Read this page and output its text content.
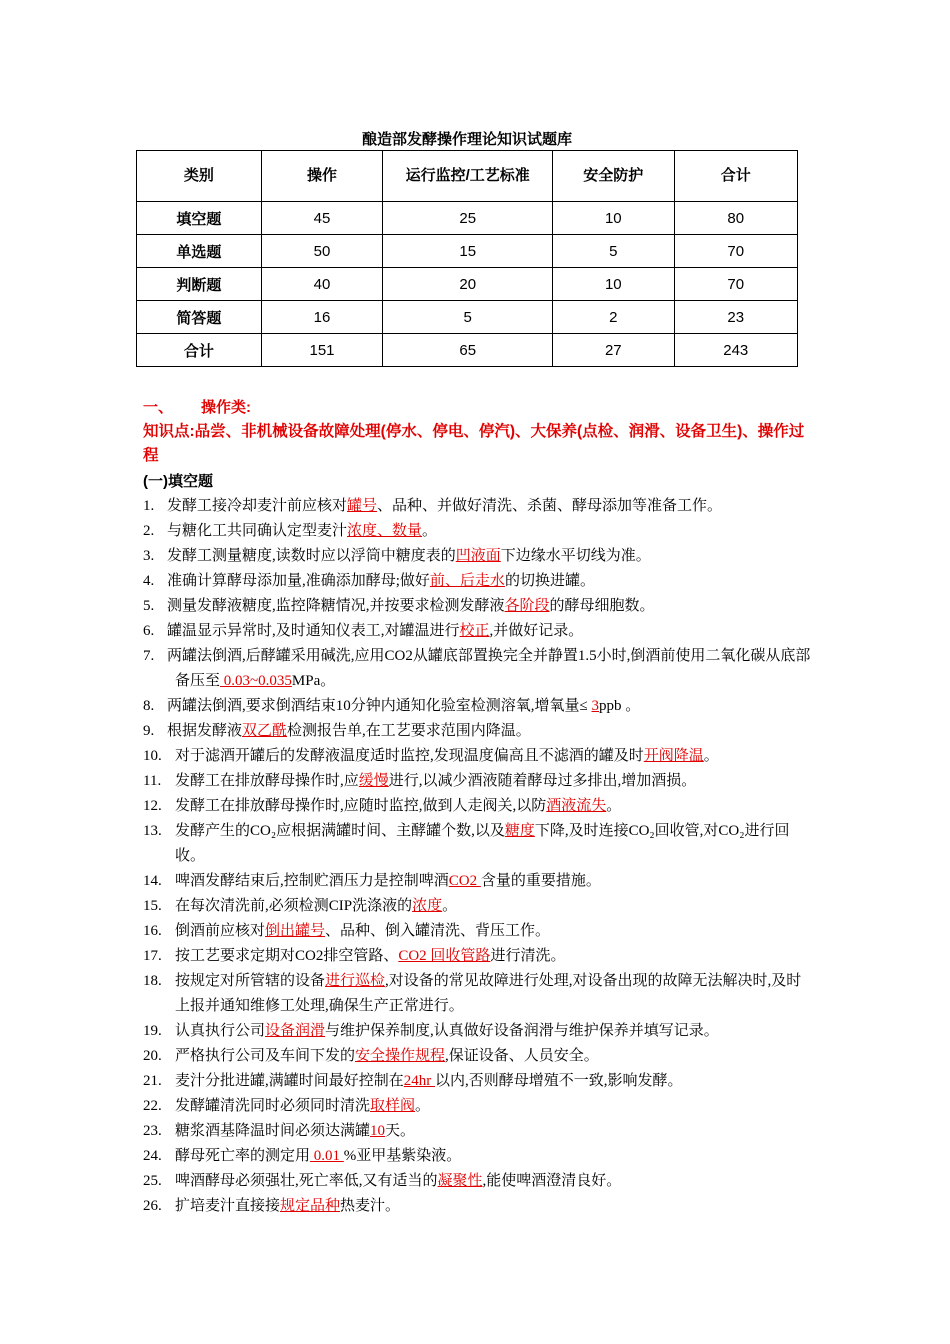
酿造部发酵操作理论知识试题库
类别	操作	运行监控/工艺标准	安全防护	合计
填空题	45	25	10	80
单选题	50	15	5	70
判断题	40	20	10	70
简答题	16	5	2	23
合计	151	65	27	243
一、 操作类:
知识点:品尝、非机械设备故障处理(停水、停电、停汽)、大保养(点检、润滑、设备卫生)、操作过程
(一)填空题
1. 发酵工接冷却麦汁前应核对罐号、品种、并做好清洗、杀菌、酵母添加等准备工作。
2. 与糖化工共同确认定型麦汁浓度、数量。
3. 发酵工测量糖度,读数时应以浮筒中糖度表的凹液面下边缘水平切线为准。
4. 准确计算酵母添加量,准确添加酵母;做好前、后走水的切换进罐。
5. 测量发酵液糖度,监控降糖情况,并按要求检测发酵液各阶段的酵母细胞数。
6. 罐温显示异常时,及时通知仪表工,对罐温进行校正,并做好记录。
7. 两罐法倒酒,后酵罐采用碱洗,应用CO2从罐底部置换完全并静置1.5小时,倒酒前使用二氧化碳从底部备压至 0.03~0.035MPa。
8. 两罐法倒酒,要求倒酒结束10分钟内通知化验室检测溶氧,增氧量≤ 3ppb 。
9. 根据发酵液双乙酰检测报告单,在工艺要求范围内降温。
10. 对于滤酒开罐后的发酵液温度适时监控,发现温度偏高且不滤酒的罐及时开阀降温。
11. 发酵工在排放酵母操作时,应缓慢进行,以减少酒液随着酵母过多排出,增加酒损。
12. 发酵工在排放酵母操作时,应随时监控,做到人走阀关,以防酒液流失。
13. 发酵产生的CO₂应根据满罐时间、主酵罐个数,以及糖度下降,及时连接CO₂回收管,对CO₂进行回收。
14. 啤酒发酵结束后,控制贮酒压力是控制啤酒CO2 含量的重要措施。
15. 在每次清洗前,必须检测CIP洗涤液的浓度。
16. 倒酒前应核对倒出罐号、品种、倒入罐清洗、背压工作。
17. 按工艺要求定期对CO2排空管路、CO2 回收管路进行清洗。
18. 按规定对所管辖的设备进行巡检,对设备的常见故障进行处理,对设备出现的故障无法解决时,及时上报并通知维修工处理,确保生产正常进行。
19. 认真执行公司设备润滑与维护保养制度,认真做好设备润滑与维护保养并填写记录。
20. 严格执行公司及车间下发的安全操作规程,保证设备、人员安全。
21. 麦汁分批进罐,满罐时间最好控制在24hr 以内,否则酵母增殖不一致,影响发酵。
22. 发酵罐清洗同时必须同时清洗取样阀。
23. 糖浆酒基降温时间必须达满罐10天。
24. 酵母死亡率的测定用 0.01 %亚甲基紫染液。
25. 啤酒酵母必须强壮,死亡率低,又有适当的凝聚性,能使啤酒澄清良好。
26. 扩培麦汁直接接规定品种热麦汁。
